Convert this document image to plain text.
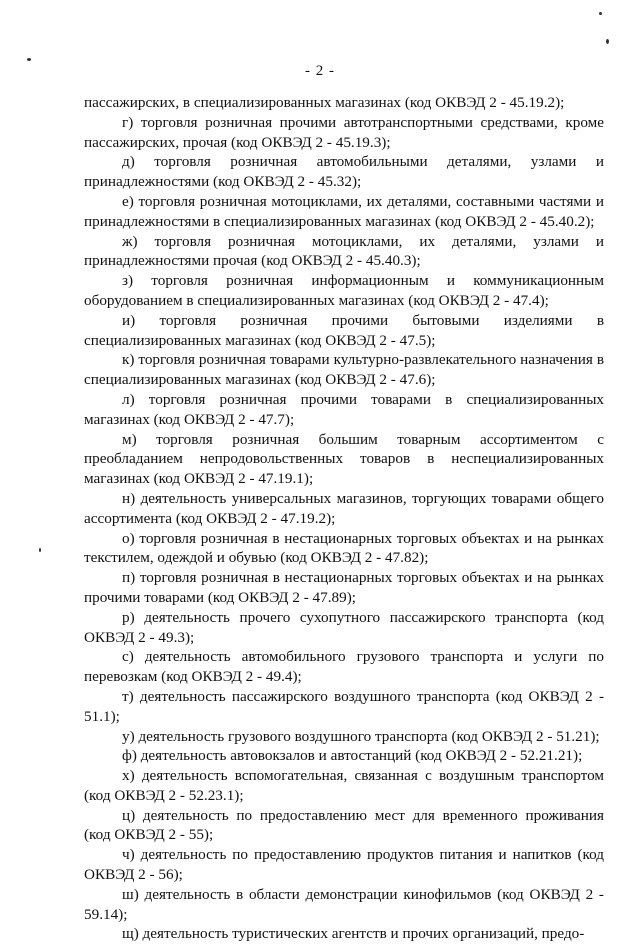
- 2 -

пассажирских, в специализированных магазинах (код ОКВЭД 2 - 45.19.2);

г) торговля розничная прочими автотранспортными средствами, кроме пассажирских, прочая (код ОКВЭД 2 - 45.19.3);

д) торговля розничная автомобильными деталями, узлами и принадлежностями (код ОКВЭД 2 - 45.32);

е) торговля розничная мотоциклами, их деталями, составными частями и принадлежностями в специализированных магазинах (код ОКВЭД 2 - 45.40.2);

ж) торговля розничная мотоциклами, их деталями, узлами и принадлежностями прочая (код ОКВЭД 2 - 45.40.3);

з) торговля розничная информационным и коммуникационным оборудованием в специализированных магазинах (код ОКВЭД 2 - 47.4);

и) торговля розничная прочими бытовыми изделиями в специализированных магазинах (код ОКВЭД 2 - 47.5);

к) торговля розничная товарами культурно-развлекательного назначения в специализированных магазинах (код ОКВЭД 2 - 47.6);

л) торговля розничная прочими товарами в специализированных магазинах (код ОКВЭД 2 - 47.7);

м) торговля розничная большим товарным ассортиментом с преобладанием непродовольственных товаров в неспециализированных магазинах (код ОКВЭД 2 - 47.19.1);

н) деятельность универсальных магазинов, торгующих товарами общего ассортимента (код ОКВЭД 2 - 47.19.2);

о) торговля розничная в нестационарных торговых объектах и на рынках текстилем, одеждой и обувью (код ОКВЭД 2 - 47.82);

п) торговля розничная в нестационарных торговых объектах и на рынках прочими товарами (код ОКВЭД 2 - 47.89);

р) деятельность прочего сухопутного пассажирского транспорта (код ОКВЭД 2 - 49.3);

с) деятельность автомобильного грузового транспорта и услуги по перевозкам (код ОКВЭД 2 - 49.4);

т) деятельность пассажирского воздушного транспорта (код ОКВЭД 2 - 51.1);

у) деятельность грузового воздушного транспорта (код ОКВЭД 2 - 51.21);

ф) деятельность автовокзалов и автостанций (код ОКВЭД 2 - 52.21.21);

х) деятельность вспомогательная, связанная с воздушным транспортом (код ОКВЭД 2 - 52.23.1);

ц) деятельность по предоставлению мест для временного проживания (код ОКВЭД 2 - 55);

ч) деятельность по предоставлению продуктов питания и напитков (код ОКВЭД 2 - 56);

ш) деятельность в области демонстрации кинофильмов (код ОКВЭД 2 - 59.14);

щ) деятельность туристических агентств и прочих организаций, предо-
